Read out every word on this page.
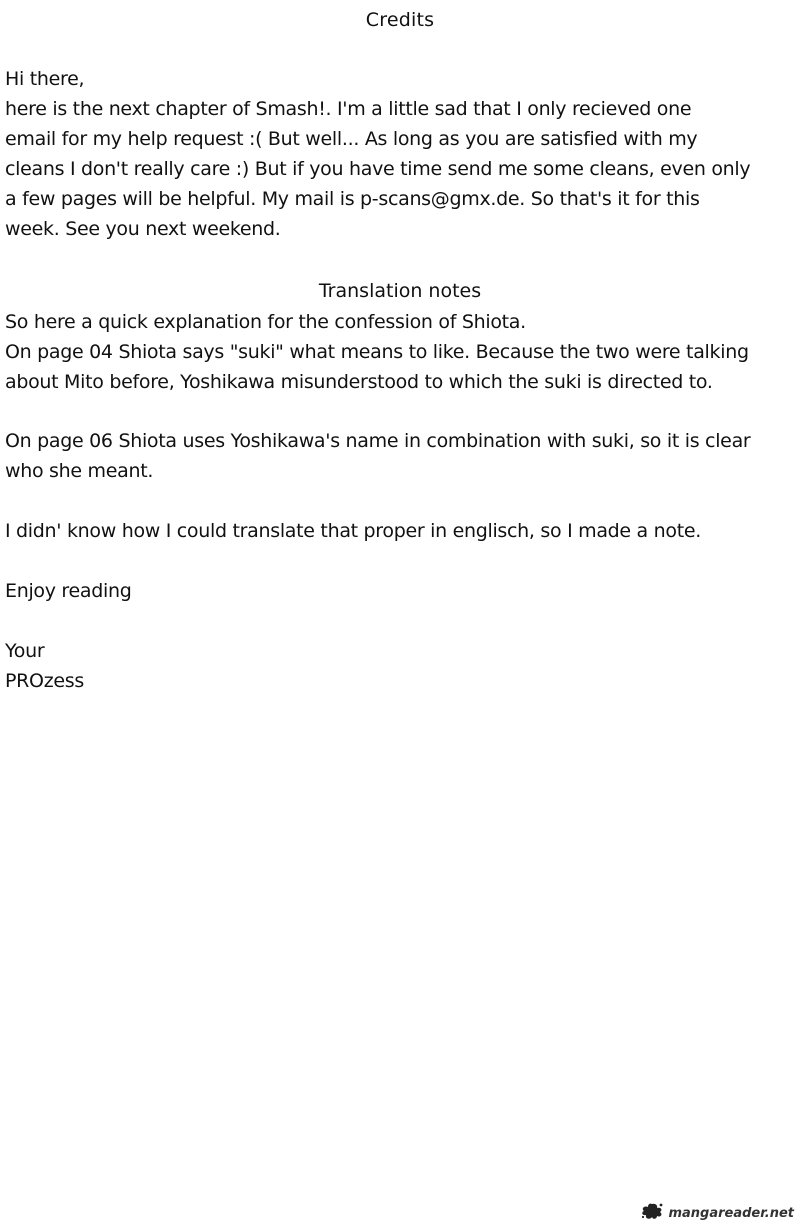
Credits
Hi there,
here is the next chapter of Smash!. I'm a little sad that I only recieved one
email for my help request :( But well... As long as you are satisfied with my
cleans I don't really care :) But if you have time send me some cleans, even only
a few pages will be helpful. My mail is p-scans@gmx.de. So that's it for this
week. See you next weekend.
Translation notes
So here a quick explanation for the confession of Shiota.
On page 04 Shiota says "suki" what means to like. Because the two were talking
about Mito before, Yoshikawa misunderstood to which the suki is directed to.
On page 06 Shiota uses Yoshikawa's name in combination with suki, so it is clear
who she meant.
I didn' know how I could translate that proper in englisch, so I made a note.
Enjoy reading
Your
PROzess
mangareader.net
